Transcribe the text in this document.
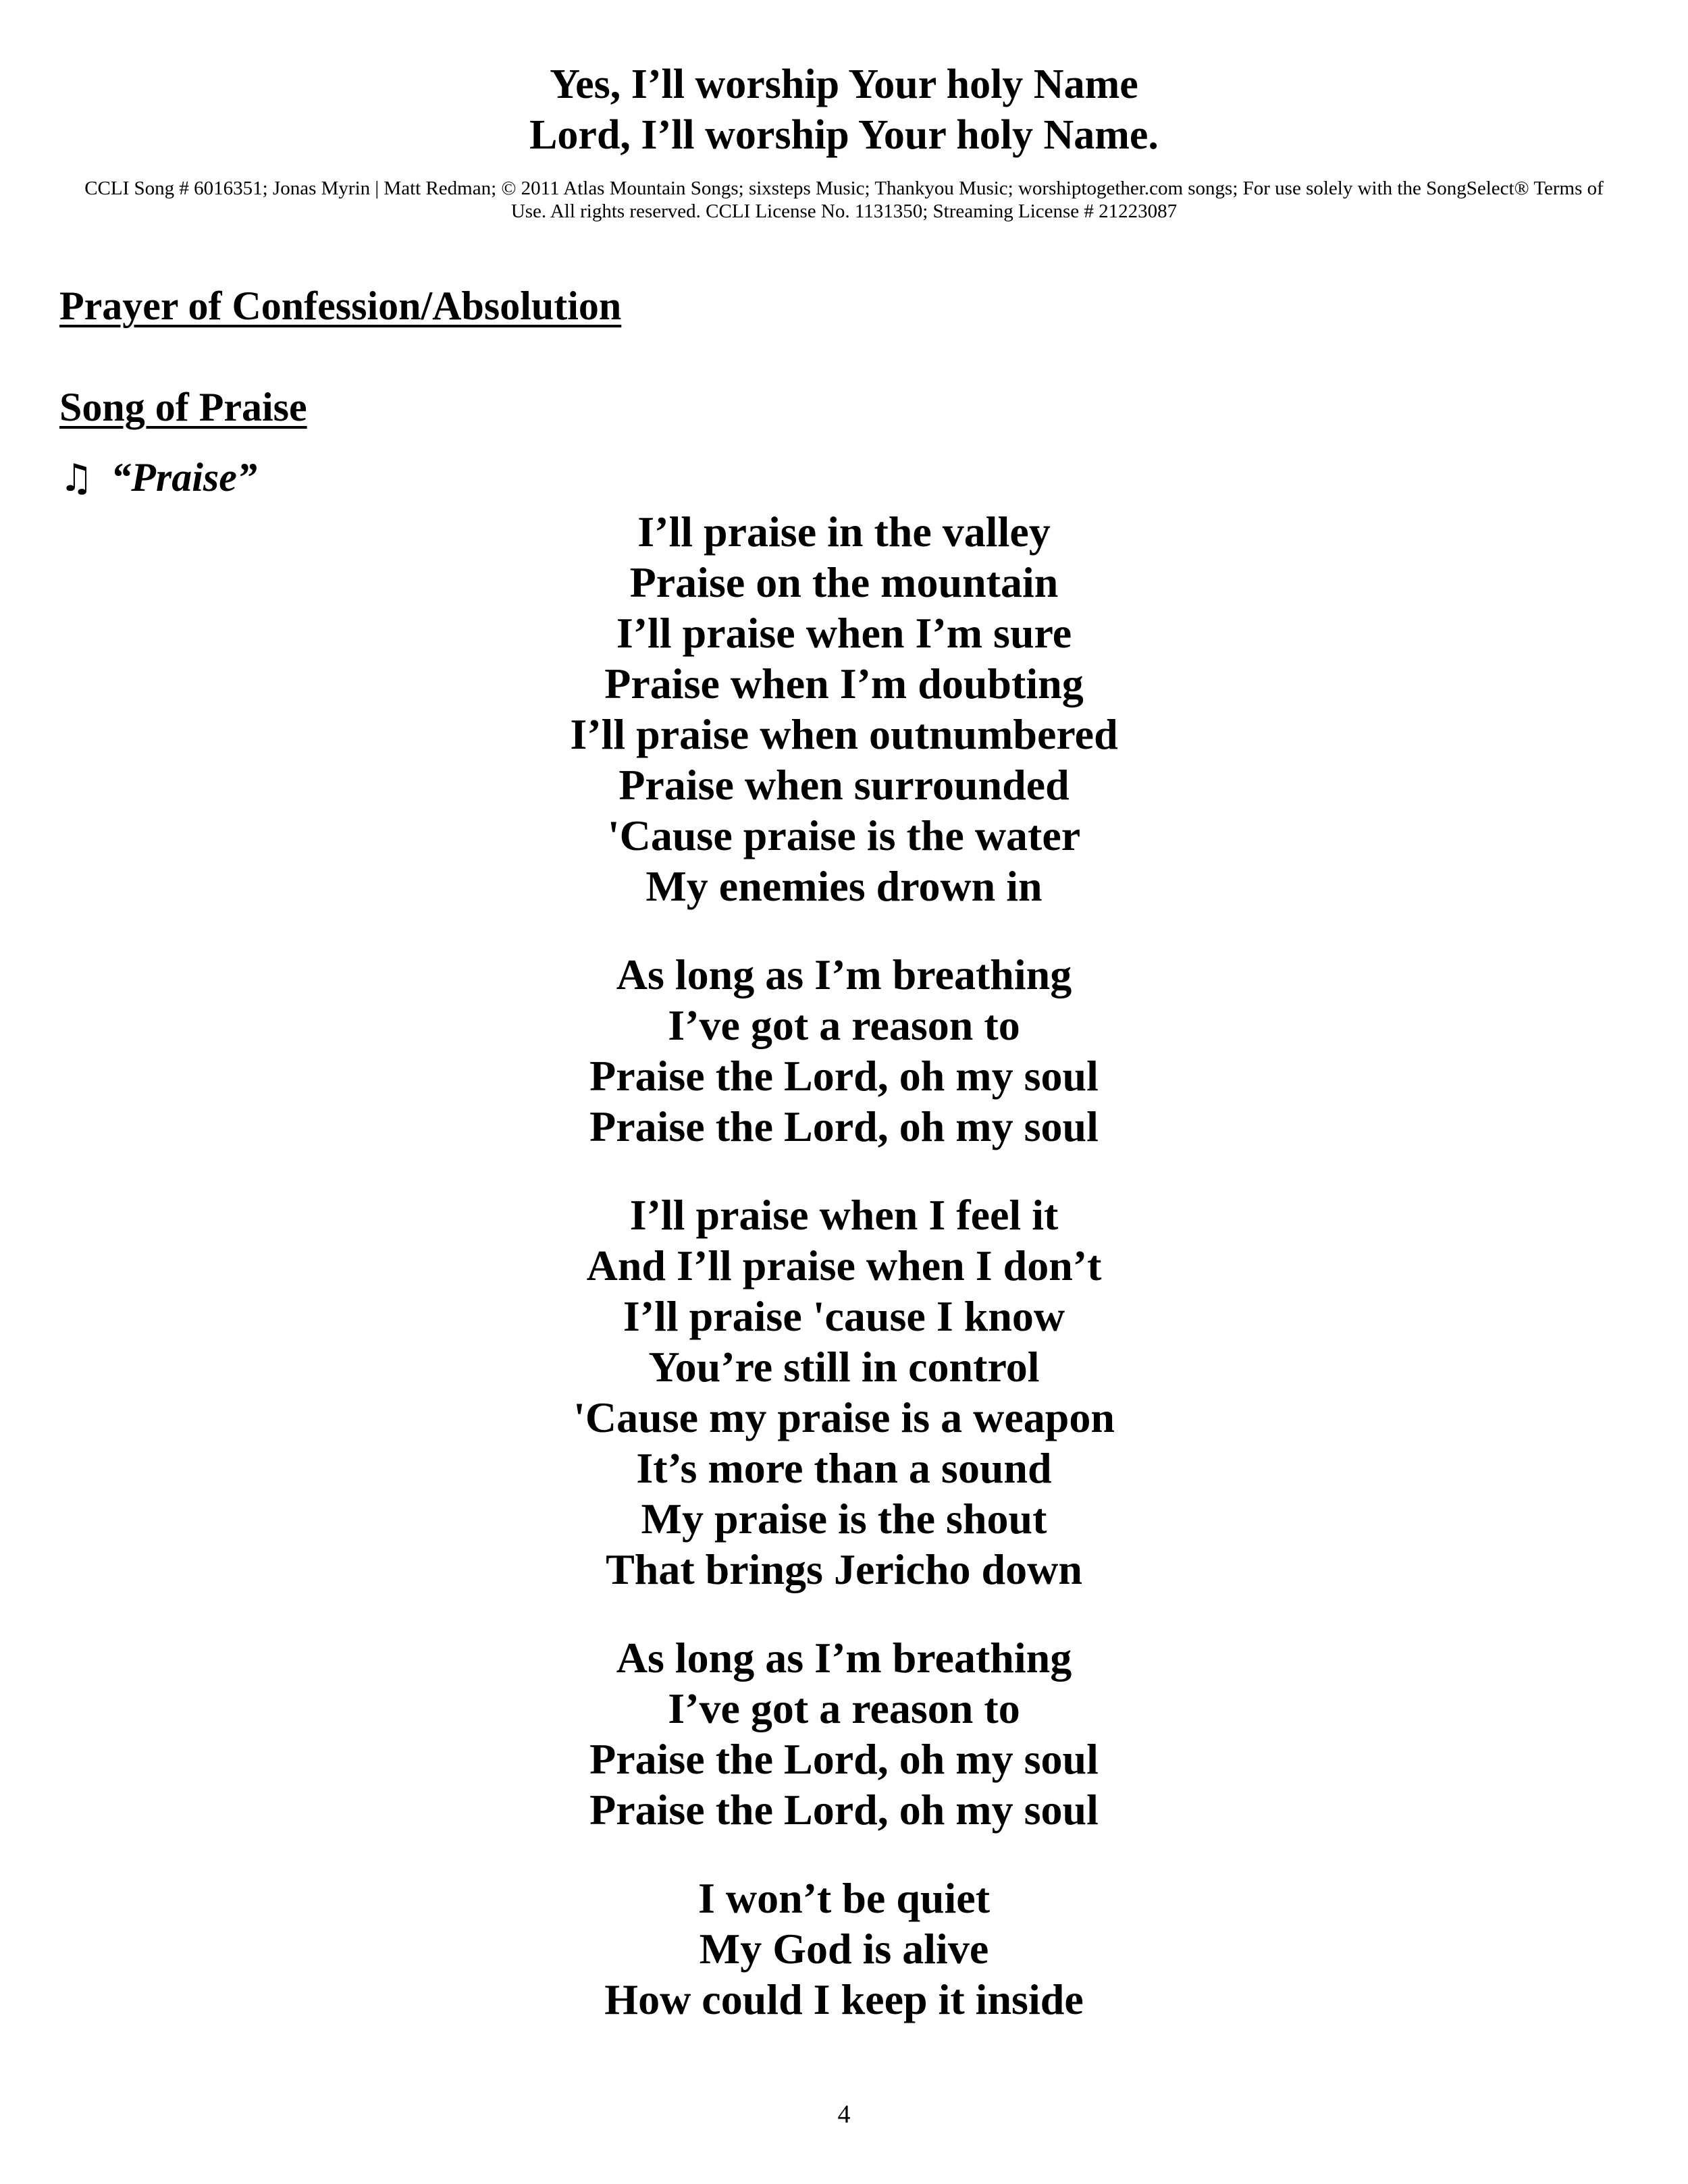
Yes, I’ll worship Your holy Name
Lord, I’ll worship Your holy Name.
CCLI Song # 6016351; Jonas Myrin | Matt Redman; © 2011 Atlas Mountain Songs; sixsteps Music; Thankyou Music; worshiptogether.com songs; For use solely with the SongSelect® Terms of Use. All rights reserved. CCLI License No. 1131350; Streaming License # 21223087
Prayer of Confession/Absolution
Song of Praise
♫ “Praise”
I’ll praise in the valley
Praise on the mountain
I’ll praise when I’m sure
Praise when I’m doubting
I’ll praise when outnumbered
Praise when surrounded
'Cause praise is the water
My enemies drown in
As long as I’m breathing
I’ve got a reason to
Praise the Lord, oh my soul
Praise the Lord, oh my soul
I’ll praise when I feel it
And I’ll praise when I don’t
I’ll praise 'cause I know
You’re still in control
'Cause my praise is a weapon
It’s more than a sound
My praise is the shout
That brings Jericho down
As long as I’m breathing
I’ve got a reason to
Praise the Lord, oh my soul
Praise the Lord, oh my soul
I won’t be quiet
My God is alive
How could I keep it inside
4
